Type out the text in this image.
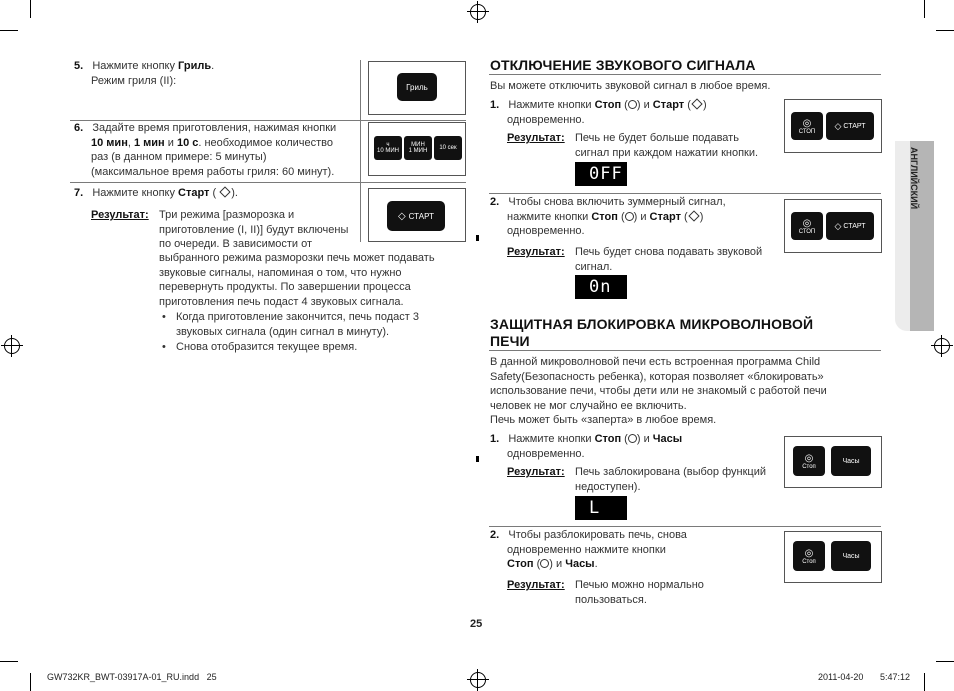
5. Нажмите кнопку Гриль.
Режим гриля (II):
Гриль
6. Задайте время приготовления, нажимая кнопки
10 мин, 1 мин и 10 с. необходимое количество
раз (в данном примере: 5 минуты)
(максимальное время работы гриля: 60 минут).
ч
10 МИН
МИН
1 МИН 10 сек
7. Нажмите кнопку Старт ( ).
◇ СТАРТ
Результат: Три режима [разморозка и
приготовление (I, II)] будут включены
по очереди. В зависимости от
выбранного режима разморозки печь может подавать
звуковые сигналы, напоминая о том, что нужно
перевернуть продукты. По завершении процесса
приготовления печь подаст 4 звуковых сигнала.
• Когда приготовление закончится, печь подаст 3
звуковых сигнала (один сигнал в минуту).
• Снова отобразится текущее время.
ОТКЛЮЧЕНИЕ ЗВУКОВОГО СИГНАЛА
Вы можете отключить звуковой сигнал в любое время.
1. Нажмите кнопки Стоп ( ) и Старт ( )
одновременно.
Результат: Печь не будет больше подавать
сигнал при каждом нажатии кнопки.
0FF
◎
СТОП
◇ СТАРТ
2. Чтобы снова включить зуммерный сигнал,
нажмите кнопки Стоп ( ) и Старт ( )
одновременно.
Результат: Печь будет снова подавать звуковой
сигнал.
0n
◎
СТОП
◇ СТАРТ
ЗАЩИТНАЯ БЛОКИРОВКА МИКРОВОЛНОВОЙ
ПЕЧИ
В данной микроволновой печи есть встроенная программа Child
Safety(Безопасность ребенка), которая позволяет «блокировать»
использование печи, чтобы дети или не знакомый с работой печи
человек не мог случайно ее включить.
Печь может быть «заперта» в любое время.
1. Нажмите кнопки Стоп ( ) и Часы
одновременно.
Результат: Печь заблокирована (выбор функций
недоступен).
L
◎
Стоп
Часы
2. Чтобы разблокировать печь, снова
одновременно нажмите кнопки
Стоп ( ) и Часы.
Результат: Печью можно нормально
пользоваться.
◎
Стоп
Часы
АНГЛИЙСКИЙ
25
GW732KR_BWT-03917A-01_RU.indd   25	2011-04-20 5:47:12
